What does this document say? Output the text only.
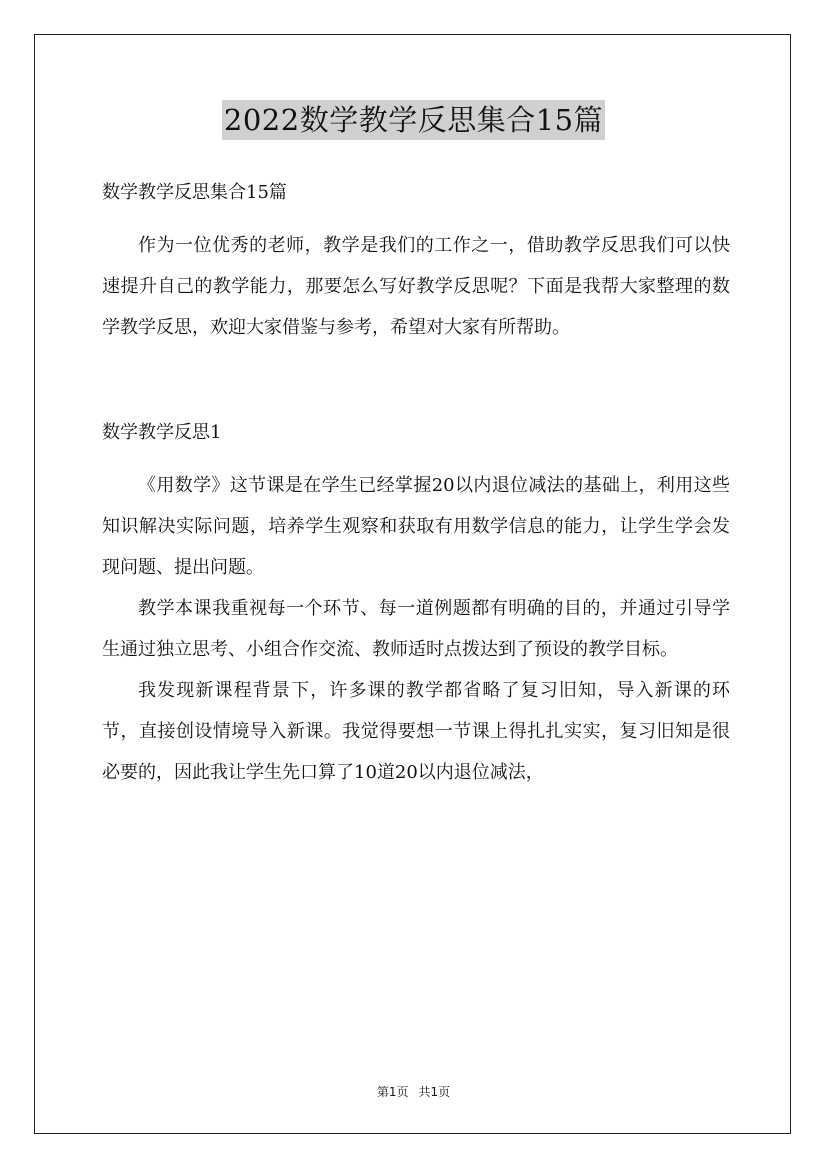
2022数学教学反思集合15篇

数学教学反思集合15篇

作为一位优秀的老师，教学是我们的工作之一，借助教学反思我们可以快速提升自己的教学能力，那要怎么写好教学反思呢？下面是我帮大家整理的数学教学反思，欢迎大家借鉴与参考，希望对大家有所帮助。

数学教学反思1

《用数学》这节课是在学生已经掌握20以内退位减法的基础上，利用这些知识解决实际问题，培养学生观察和获取有用数学信息的能力，让学生学会发现问题、提出问题。

教学本课我重视每一个环节、每一道例题都有明确的目的，并通过引导学生通过独立思考、小组合作交流、教师适时点拨达到了预设的教学目标。

我发现新课程背景下，许多课的教学都省略了复习旧知，导入新课的环节，直接创设情境导入新课。我觉得要想一节课上得扎扎实实，复习旧知是很必要的，因此我让学生先口算了10道20以内退位减法，

第1页 共1页
